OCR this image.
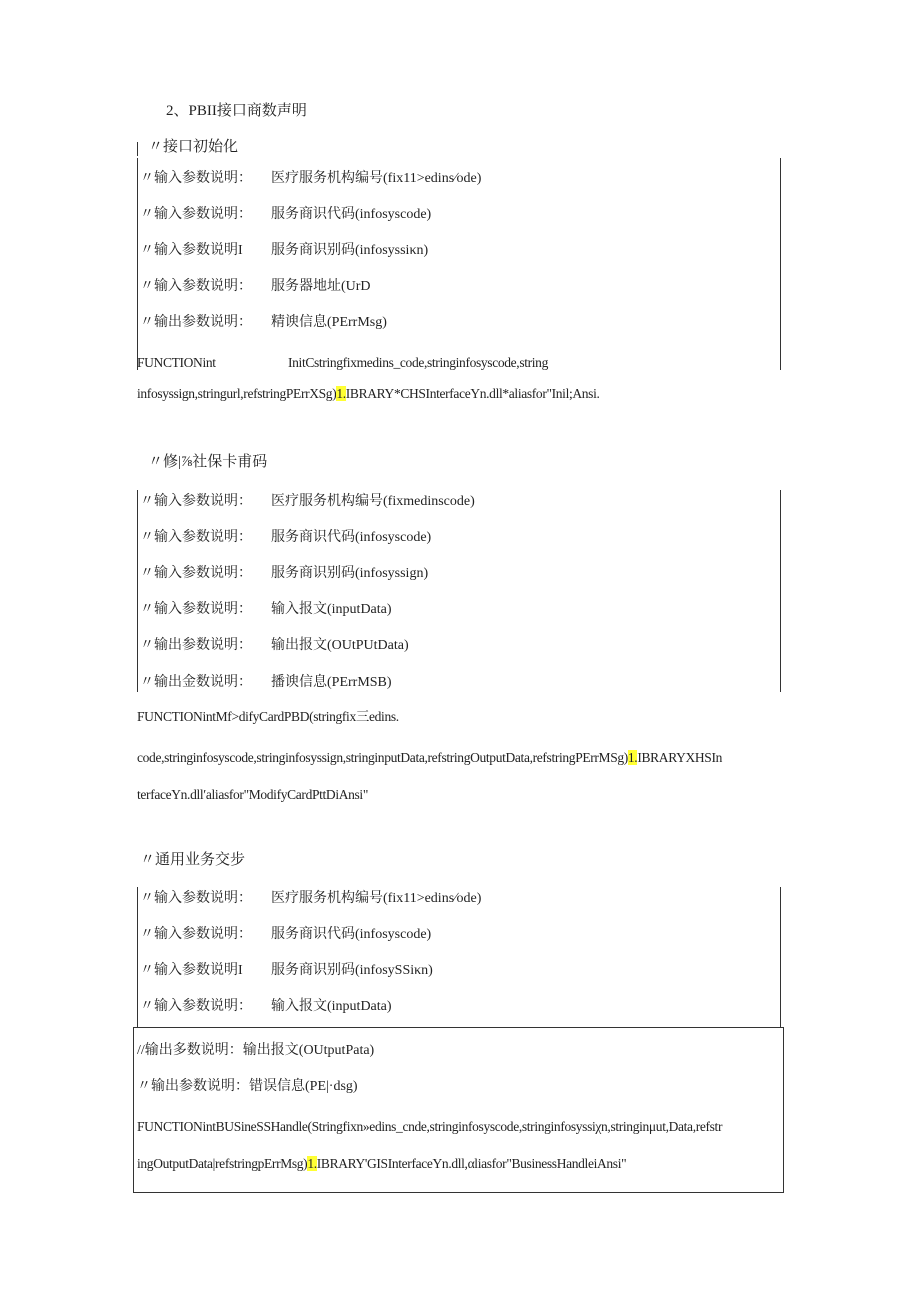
2、PBII接口商数声明
〃接口初始化
〃输入参数说明： 医疗服务机构编号(fix11>edins∕ode)
〃输入参数说明： 服务商识代码(infosyscode)
〃输入参数说明I 服务商识别码(infosyssiκn)
〃输入参数说明： 服务器地址(UrD
〃输出参数说明： 精谀信息(PErrMsg)
FUNCTIONint	InitCstringfixmedins_code,stringinfosyscode,string
infosyssign,stringurl,refstringPErrXSg)1.IBRARY*CHSInterfaceYn.dll*aliasfor"Inil;Ansi.
〃修|⅞社保卡甫码
〃输入参数说明： 医疗服务机构编号(fixmedinscode)
〃输入参数说明： 服务商识代码(infosyscode)
〃输入参数说明： 服务商识别码(infosyssign)
〃输入参数说明： 输入报文(inputData)
〃输出参数说明： 输出报文(OUtPUtData)
〃输出金数说明： 播谀信息(PErrMSB)
FUNCTIONintMf>difyCardPBD(stringfix三edins.
code,stringinfosyscode,stringinfosyssign,stringinputData,refstringOutputData,refstringPErrMSg)1.IBRARYXHSIn
terfaceYn.dll′aliasfor"ModifyCardPttDiAnsi"
〃通用业务交步
〃输入参数说明： 医疗服务机构编号(fix11>edins∕ode)
〃输入参数说明： 服务商识代码(infosyscode)
〃输入参数说明I 服务商识别码(infosySSiκn)
〃输入参数说明： 输入报文(inputData)
//输出多数说明：输出报文(OUtputPata)
〃输出参数说明：错误信息(PE|·dsg)
FUNCTIONintBUSineSSHandle(Stringfixn»edins_cnde,stringinfosyscode,stringinfosyssiχn,stringinμut,Data,refstr
ingOutputData|refstringpErrMsg)1.IBRARY'GISInterfaceYn.dll,αliasfor"BusinessHandleiAnsi"
